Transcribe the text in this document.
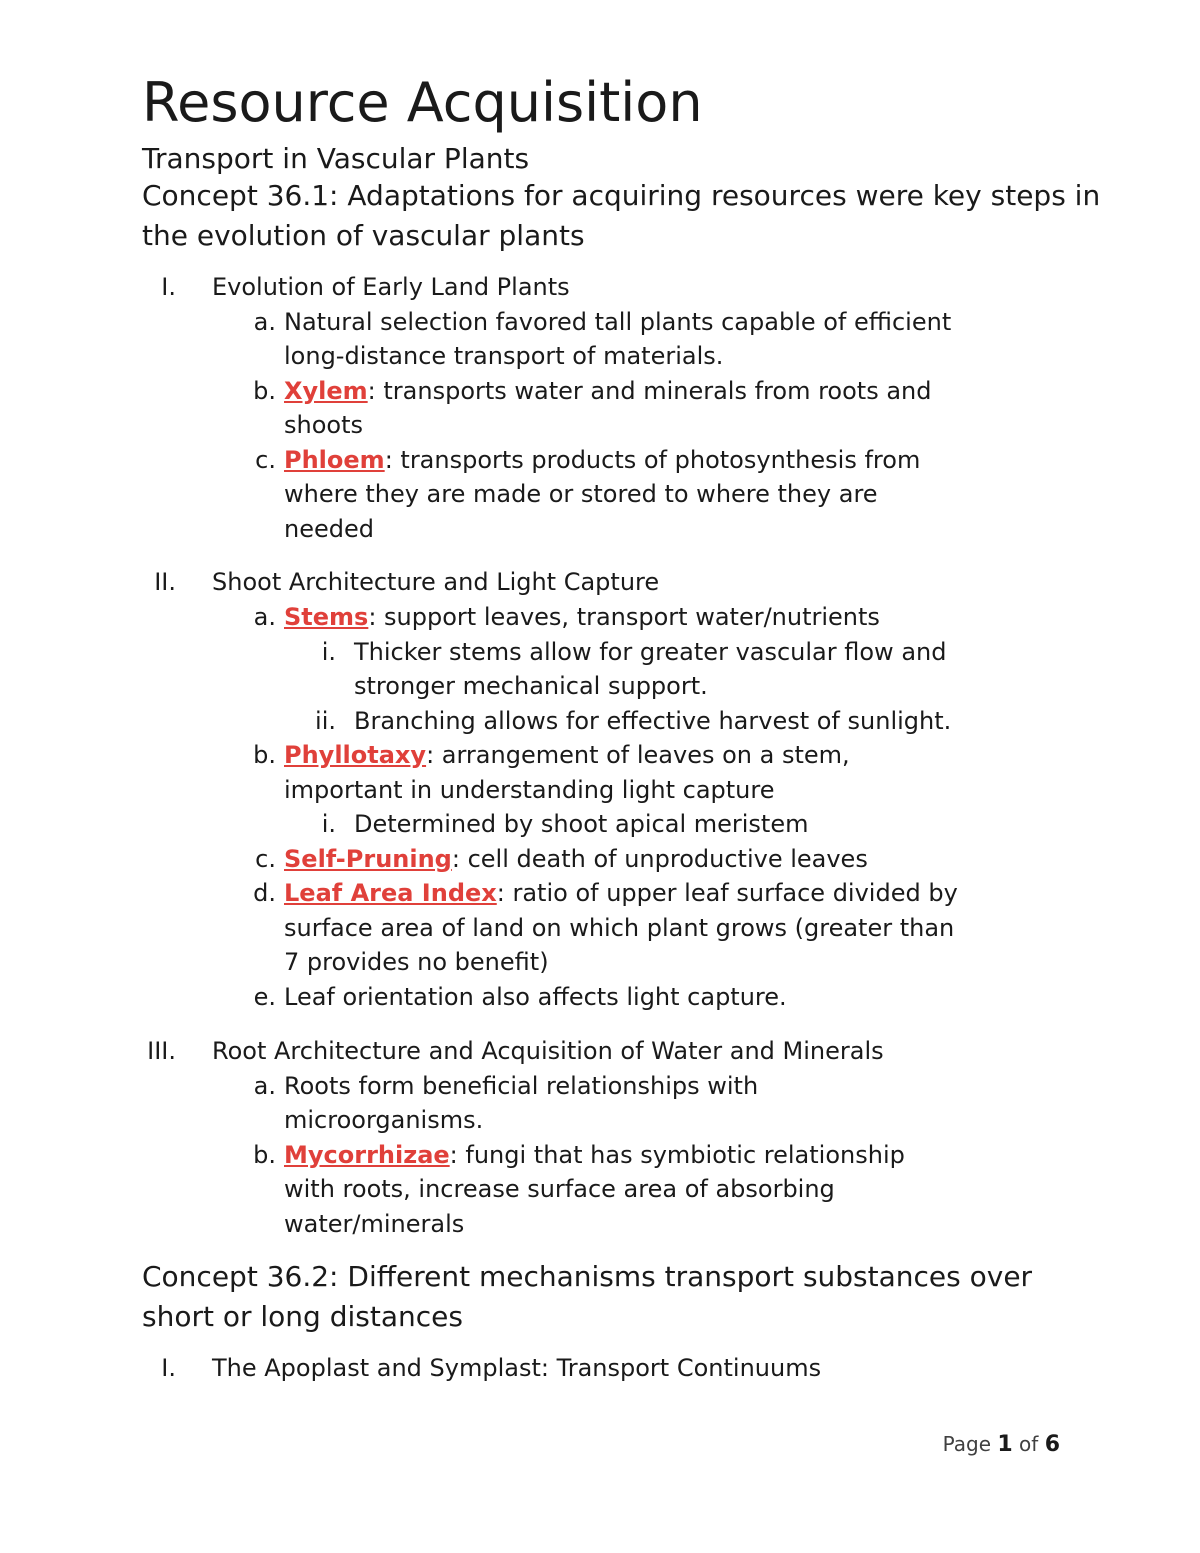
Resource Acquisition
Transport in Vascular Plants
Concept 36.1: Adaptations for acquiring resources were key steps in the evolution of vascular plants
I. Evolution of Early Land Plants
a. Natural selection favored tall plants capable of efficient
long-distance transport of materials.
b. Xylem: transports water and minerals from roots and
shoots
c. Phloem: transports products of photosynthesis from
where they are made or stored to where they are
needed
II. Shoot Architecture and Light Capture
a. Stems: support leaves, transport water/nutrients
i. Thicker stems allow for greater vascular flow and
stronger mechanical support.
ii. Branching allows for effective harvest of sunlight.
b. Phyllotaxy: arrangement of leaves on a stem,
important in understanding light capture
i. Determined by shoot apical meristem
c. Self-Pruning: cell death of unproductive leaves
d. Leaf Area Index: ratio of upper leaf surface divided by
surface area of land on which plant grows (greater than
7 provides no benefit)
e. Leaf orientation also affects light capture.
III. Root Architecture and Acquisition of Water and Minerals
a. Roots form beneficial relationships with
microorganisms.
b. Mycorrhizae: fungi that has symbiotic relationship
with roots, increase surface area of absorbing
water/minerals
Concept 36.2: Different mechanisms transport substances over short or long distances
I. The Apoplast and Symplast: Transport Continuums
Page 1 of 6
